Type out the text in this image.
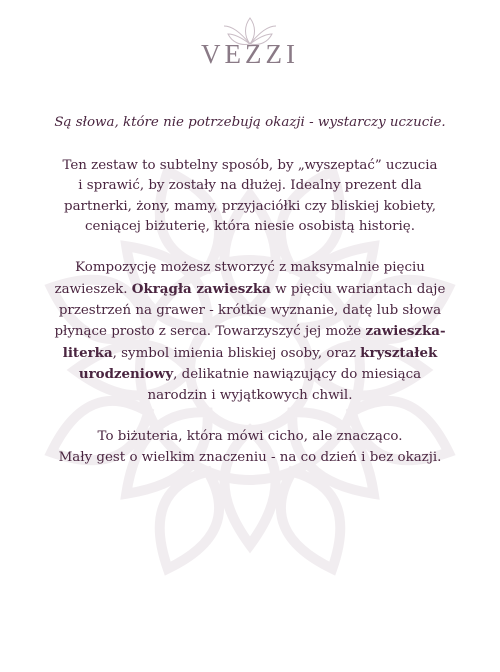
VEZZI

Są słowa, które nie potrzebują okazji - wystarczy uczucie.

Ten zestaw to subtelny sposób, by „wyszeptać” uczucia
i sprawić, by zostały na dłużej. Idealny prezent dla
partnerki, żony, mamy, przyjaciółki czy bliskiej kobiety,
ceniącej biżuterię, która niesie osobistą historię.

Kompozycję możesz stworzyć z maksymalnie pięciu
zawieszek. Okrągła zawieszka w pięciu wariantach daje
przestrzeń na grawer - krótkie wyznanie, datę lub słowa
płynące prosto z serca. Towarzyszyć jej może zawieszka-
literka, symbol imienia bliskiej osoby, oraz kryształek
urodzeniowy, delikatnie nawiązujący do miesiąca
narodzin i wyjątkowych chwil.

To biżuteria, która mówi cicho, ale znacząco.
Mały gest o wielkim znaczeniu - na co dzień i bez okazji.
